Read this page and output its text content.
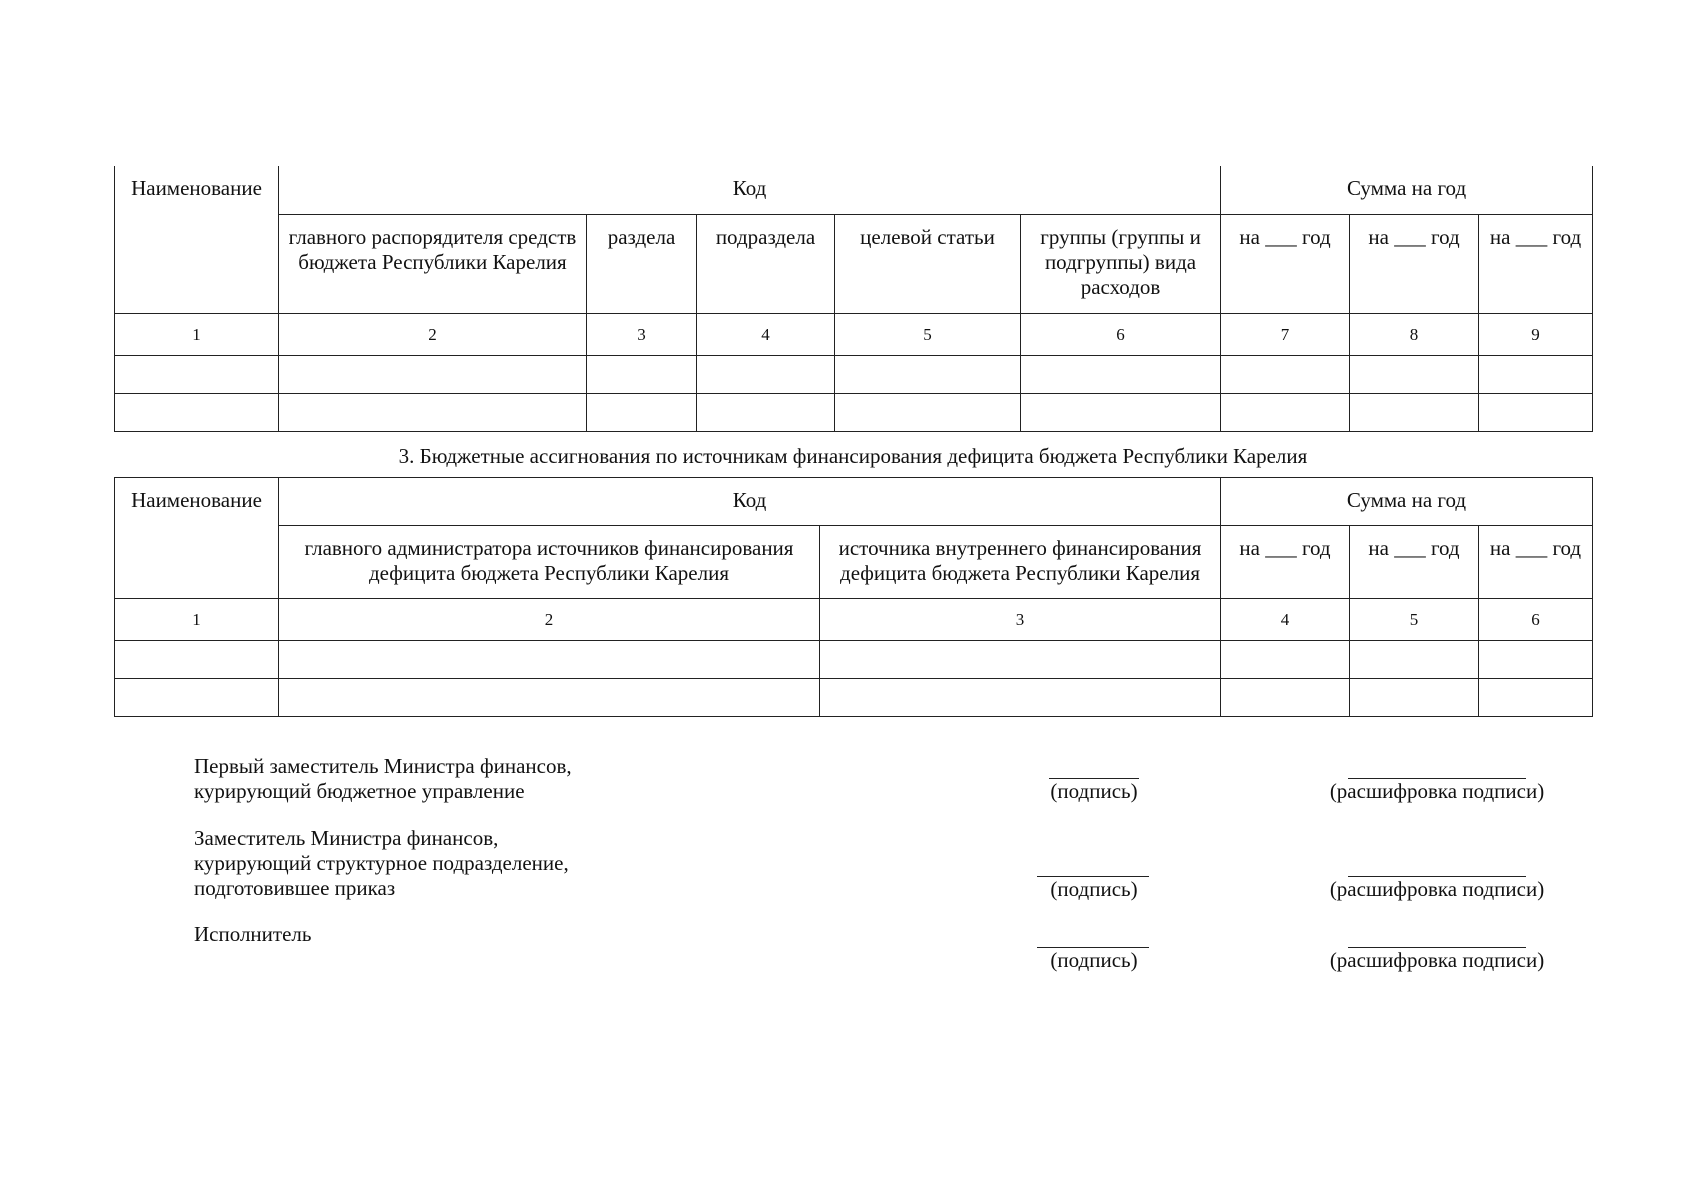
Наименование	Код					Сумма на год		
	главного распорядителя средств бюджета Республики Карелия	раздела	подраздела	целевой статьи	группы (группы и подгруппы) вида расходов	на ___ год	на ___ год	на ___ год
1	2	3	4	5	6	7	8	9

3. Бюджетные ассигнования по источникам финансирования дефицита бюджета Республики Карелия
Наименование	Код		Сумма на год		
	главного администратора источников финансирования дефицита бюджета Республики Карелия	источника внутреннего финансирования дефицита бюджета Республики Карелия	на ___ год	на ___ год	на ___ год
1	2	3	4	5	6

Первый заместитель Министра финансов,
курирующий бюджетное управление	(подпись)	(расшифровка подписи)
Заместитель Министра финансов,
курирующий структурное подразделение,
подготовившее приказ	(подпись)	(расшифровка подписи)
Исполнитель
(подпись)	(расшифровка подписи)
